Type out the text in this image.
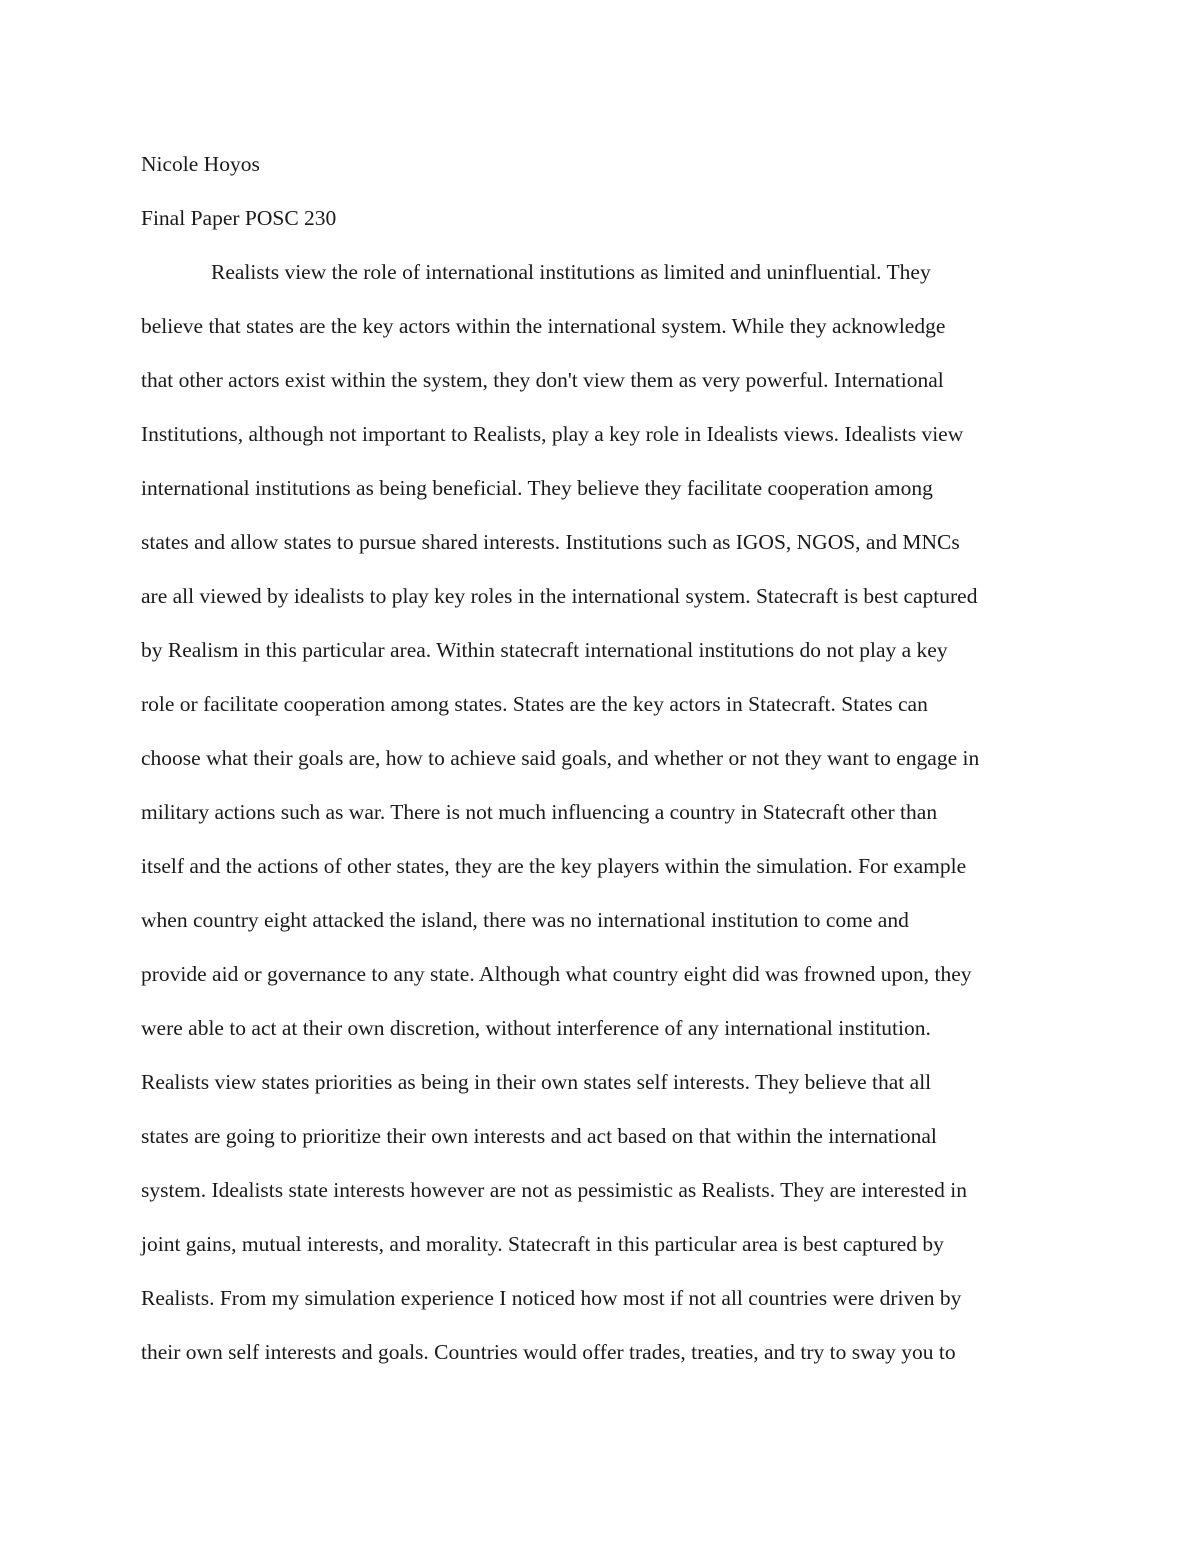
Nicole Hoyos
Final Paper POSC 230
Realists view the role of international institutions as limited and uninfluential. They
believe that states are the key actors within the international system. While they acknowledge
that other actors exist within the system, they don't view them as very powerful. International
Institutions, although not important to Realists, play a key role in Idealists views. Idealists view
international institutions as being beneficial. They believe they facilitate cooperation among
states and allow states to pursue shared interests. Institutions such as IGOS, NGOS, and MNCs
are all viewed by idealists to play key roles in the international system. Statecraft is best captured
by Realism in this particular area. Within statecraft international institutions do not play a key
role or facilitate cooperation among states. States are the key actors in Statecraft. States can
choose what their goals are, how to achieve said goals, and whether or not they want to engage in
military actions such as war. There is not much influencing a country in Statecraft other than
itself and the actions of other states, they are the key players within the simulation. For example
when country eight attacked the island, there was no international institution to come and
provide aid or governance to any state. Although what country eight did was frowned upon, they
were able to act at their own discretion, without interference of any international institution.
Realists view states priorities as being in their own states self interests. They believe that all
states are going to prioritize their own interests and act based on that within the international
system. Idealists state interests however are not as pessimistic as Realists. They are interested in
joint gains, mutual interests, and morality. Statecraft in this particular area is best captured by
Realists. From my simulation experience I noticed how most if not all countries were driven by
their own self interests and goals. Countries would offer trades, treaties, and try to sway you to
